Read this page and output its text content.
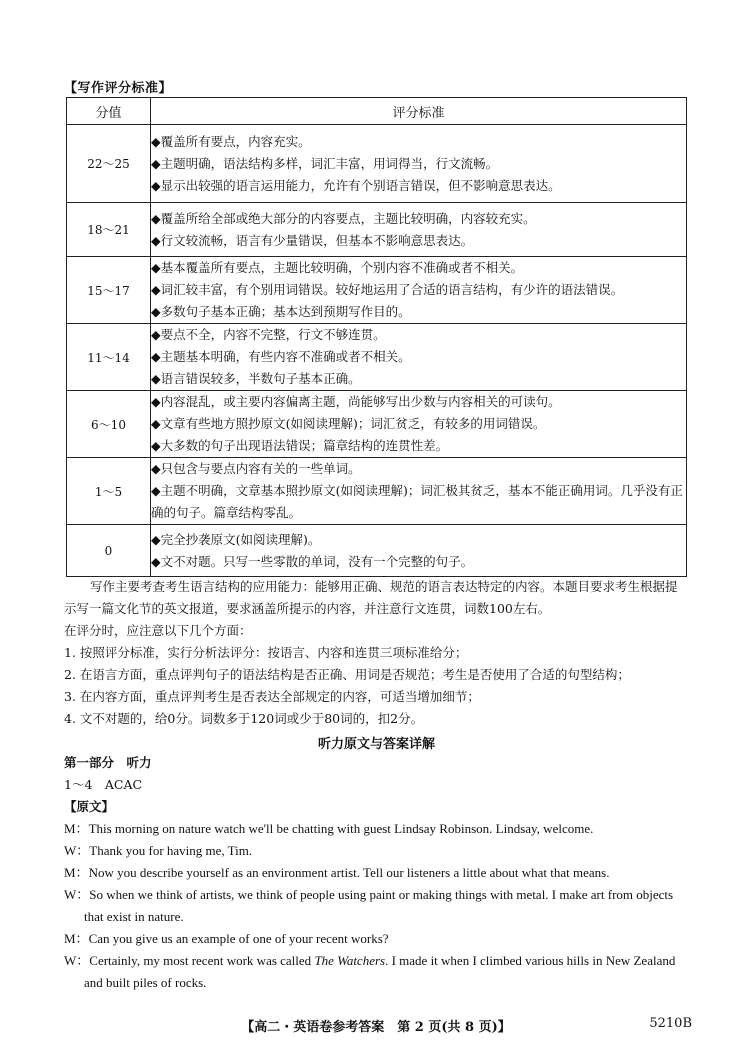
【写作评分标准】
分值	评分标准
22～25	◆覆盖所有要点，内容充实。
◆主题明确，语法结构多样，词汇丰富，用词得当，行文流畅。
◆显示出较强的语言运用能力，允许有个别语言错误，但不影响意思表达。

18～21	◆覆盖所给全部或绝大部分的内容要点，主题比较明确，内容较充实。
◆行文较流畅，语言有少量错误，但基本不影响意思表达。

15～17	◆基本覆盖所有要点，主题比较明确，个别内容不准确或者不相关。
◆词汇较丰富，有个别用词错误。较好地运用了合适的语言结构，有少许的语法错误。
◆多数句子基本正确；基本达到预期写作目的。

11～14	◆要点不全，内容不完整，行文不够连贯。
◆主题基本明确，有些内容不准确或者不相关。
◆语言错误较多，半数句子基本正确。

6～10	◆内容混乱，或主要内容偏离主题，尚能够写出少数与内容相关的可读句。
◆文章有些地方照抄原文(如阅读理解)；词汇贫乏，有较多的用词错误。
◆大多数的句子出现语法错误；篇章结构的连贯性差。

1～5	◆只包含与要点内容有关的一些单词。
◆主题不明确，文章基本照抄原文(如阅读理解)；词汇极其贫乏，基本不能正确用词。几乎没有正确的句子。篇章结构零乱。

0	◆完全抄袭原文(如阅读理解)。
◆文不对题。只写一些零散的单词，没有一个完整的句子。

写作主要考查考生语言结构的应用能力：能够用正确、规范的语言表达特定的内容。本题目要求考生根据提示写一篇文化节的英文报道，要求涵盖所提示的内容，并注意行文连贯，词数100左右。

在评分时，应注意以下几个方面：

1. 按照评分标准，实行分析法评分：按语言、内容和连贯三项标准给分；

2. 在语言方面，重点评判句子的语法结构是否正确、用词是否规范；考生是否使用了合适的句型结构；

3. 在内容方面，重点评判考生是否表达全部规定的内容，可适当增加细节；

4. 文不对题的，给0分。词数多于120词或少于80词的，扣2分。

听力原文与答案详解

第一部分　听力

1～4　ACAC

【原文】

M：This morning on nature watch we'll be chatting with guest Lindsay Robinson. Lindsay, welcome.

W：Thank you for having me, Tim.

M：Now you describe yourself as an environment artist. Tell our listeners a little about what that means.

W：So when we think of artists, we think of people using paint or making things with metal. I make art from objects that exist in nature.

M：Can you give us an example of one of your recent works?

W：Certainly, my most recent work was called The Watchers. I made it when I climbed various hills in New Zealand and built piles of rocks.

【高二・英语卷参考答案　第 2 页(共 8 页)】	5210B
